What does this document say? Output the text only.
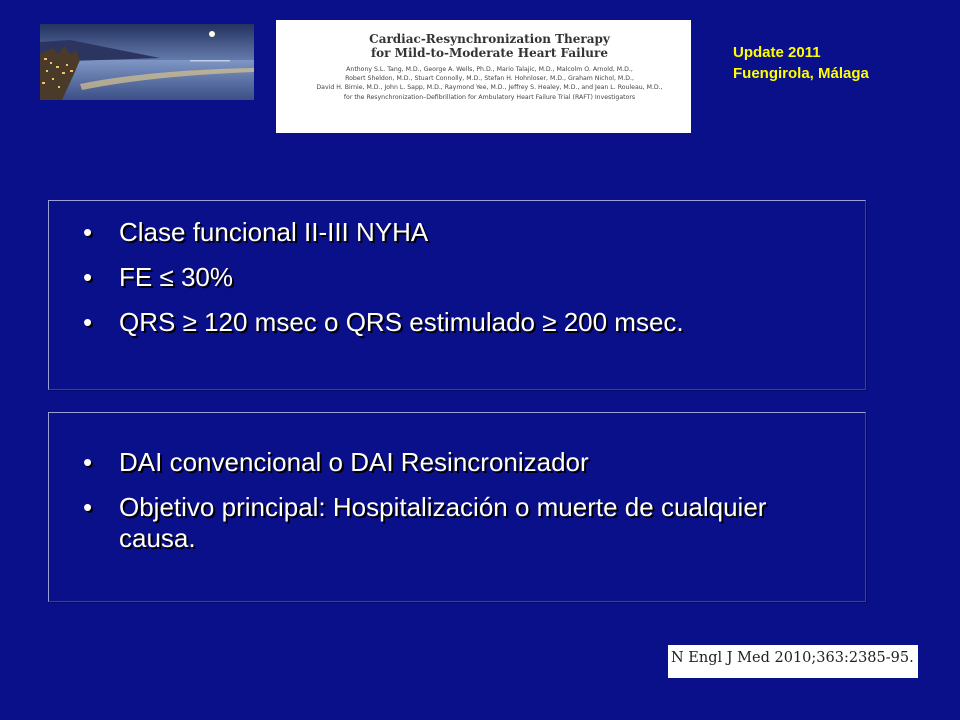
Cardiac-Resynchronization Therapy
for Mild-to-Moderate Heart Failure
Anthony S.L. Tang, M.D., George A. Wells, Ph.D., Mario Talajic, M.D., Malcolm O. Arnold, M.D.,
Robert Sheldon, M.D., Stuart Connolly, M.D., Stefan H. Hohnloser, M.D., Graham Nichol, M.D.,
David H. Birnie, M.D., John L. Sapp, M.D., Raymond Yee, M.D., Jeffrey S. Healey, M.D., and Jean L. Rouleau, M.D.,
for the Resynchronization–Defibrillation for Ambulatory Heart Failure Trial (RAFT) Investigators
Update 2011
Fuengirola, Málaga
• Clase funcional II-III NYHA
• FE ≤ 30%
• QRS ≥ 120 msec o QRS estimulado ≥ 200 msec.
• DAI convencional o DAI Resincronizador
• Objetivo principal: Hospitalización o muerte de cualquier causa.
N Engl J Med 2010;363:2385-95.
